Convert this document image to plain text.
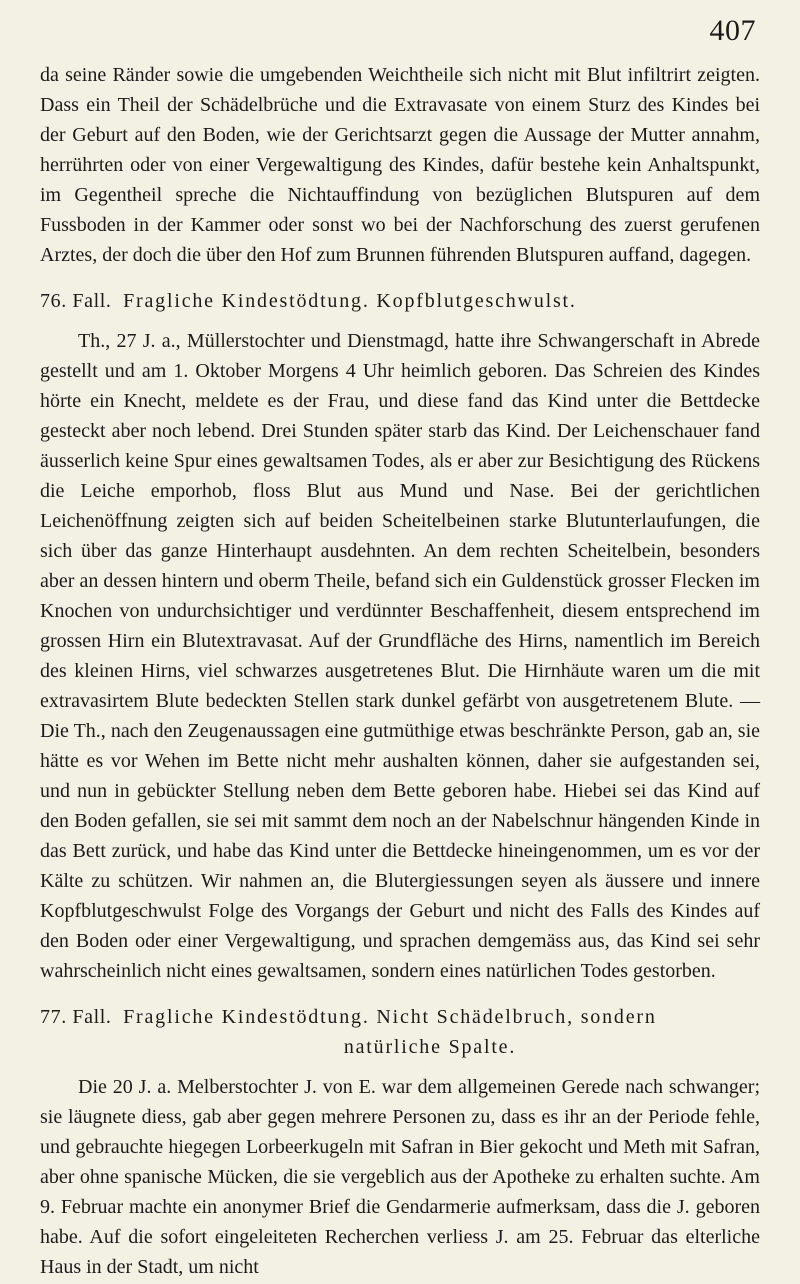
407

da seine Ränder sowie die umgebenden Weichtheile sich nicht mit Blut infiltrirt zeigten. Dass ein Theil der Schädelbrüche und die Extravasate von einem Sturz des Kindes bei der Geburt auf den Boden, wie der Gerichtsarzt gegen die Aussage der Mutter annahm, herrührten oder von einer Vergewaltigung des Kindes, dafür bestehe kein Anhaltspunkt, im Gegentheil spreche die Nichtauffindung von bezüglichen Blutspuren auf dem Fussboden in der Kammer oder sonst wo bei der Nachforschung des zuerst gerufenen Arztes, der doch die über den Hof zum Brunnen führenden Blutspuren auffand, dagegen.

76. Fall. Fragliche Kindestödtung. Kopfblutgeschwulst.

Th., 27 J. a., Müllerstochter und Dienstmagd, hatte ihre Schwangerschaft in Abrede gestellt und am 1. Oktober Morgens 4 Uhr heimlich geboren. Das Schreien des Kindes hörte ein Knecht, meldete es der Frau, und diese fand das Kind unter die Bettdecke gesteckt aber noch lebend. Drei Stunden später starb das Kind. Der Leichenschauer fand äusserlich keine Spur eines gewaltsamen Todes, als er aber zur Besichtigung des Rückens die Leiche emporhob, floss Blut aus Mund und Nase. Bei der gerichtlichen Leichenöffnung zeigten sich auf beiden Scheitelbeinen starke Blutunterlaufungen, die sich über das ganze Hinterhaupt ausdehnten. An dem rechten Scheitelbein, besonders aber an dessen hintern und oberm Theile, befand sich ein Guldenstück grosser Flecken im Knochen von undurchsichtiger und verdünnter Beschaffenheit, diesem entsprechend im grossen Hirn ein Blutextravasat. Auf der Grundfläche des Hirns, namentlich im Bereich des kleinen Hirns, viel schwarzes ausgetretenes Blut. Die Hirnhäute waren um die mit extravasirtem Blute bedeckten Stellen stark dunkel gefärbt von ausgetretenem Blute. — Die Th., nach den Zeugenaussagen eine gutmüthige etwas beschränkte Person, gab an, sie hätte es vor Wehen im Bette nicht mehr aushalten können, daher sie aufgestanden sei, und nun in gebückter Stellung neben dem Bette geboren habe. Hiebei sei das Kind auf den Boden gefallen, sie sei mit sammt dem noch an der Nabelschnur hängenden Kinde in das Bett zurück, und habe das Kind unter die Bettdecke hineingenommen, um es vor der Kälte zu schützen. Wir nahmen an, die Blutergiessungen seyen als äussere und innere Kopfblutgeschwulst Folge des Vorgangs der Geburt und nicht des Falls des Kindes auf den Boden oder einer Vergewaltigung, und sprachen demgemäss aus, das Kind sei sehr wahrscheinlich nicht eines gewaltsamen, sondern eines natürlichen Todes gestorben.

77. Fall. Fragliche Kindestödtung. Nicht Schädelbruch, sondern
natürliche Spalte.

Die 20 J. a. Melberstochter J. von E. war dem allgemeinen Gerede nach schwanger; sie läugnete diess, gab aber gegen mehrere Personen zu, dass es ihr an der Periode fehle, und gebrauchte hiegegen Lorbeerkugeln mit Safran in Bier gekocht und Meth mit Safran, aber ohne spanische Mücken, die sie vergeblich aus der Apotheke zu erhalten suchte. Am 9. Februar machte ein anonymer Brief die Gendarmerie aufmerksam, dass die J. geboren habe. Auf die sofort eingeleiteten Recherchen verliess J. am 25. Februar das elterliche Haus in der Stadt, um nicht
